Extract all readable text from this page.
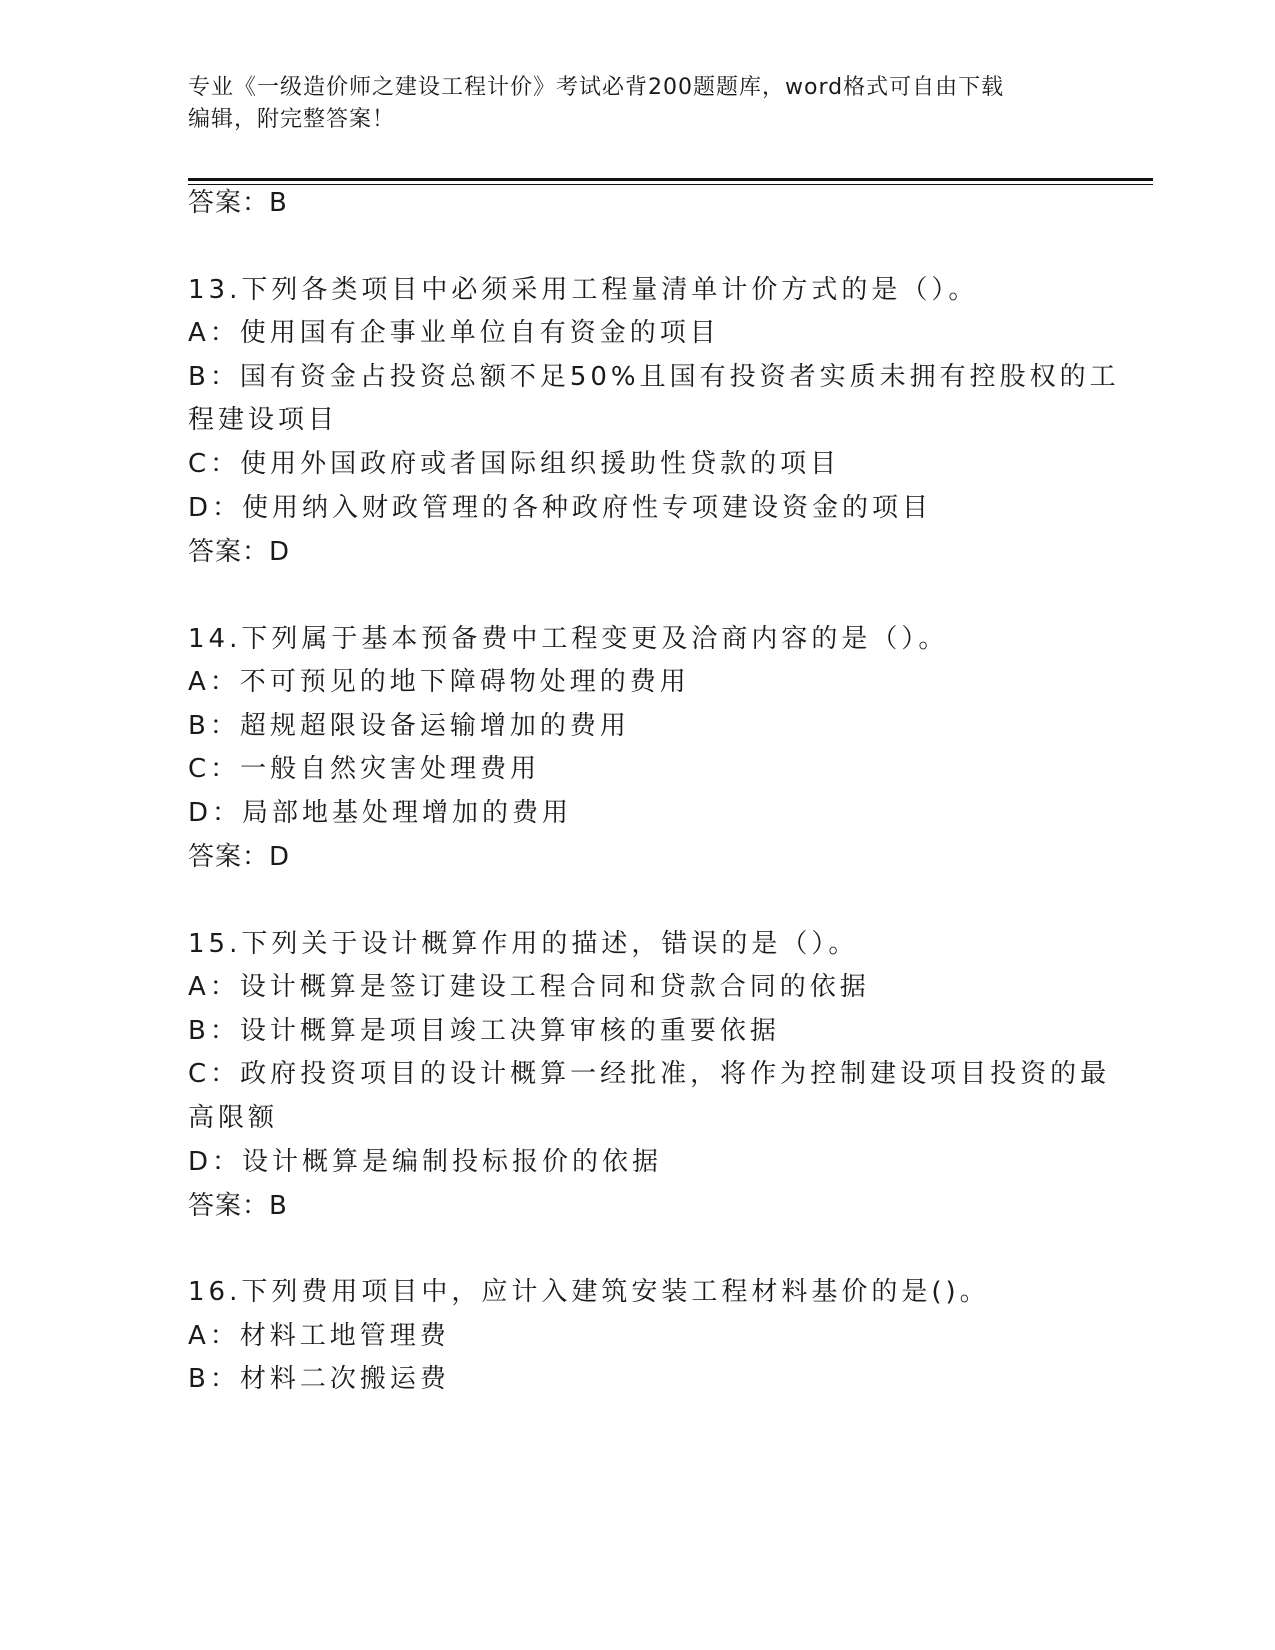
专业《一级造价师之建设工程计价》考试必背200题题库，word格式可自由下载
编辑，附完整答案！
答案：B
13.下列各类项目中必须采用工程量清单计价方式的是（）。
A：使用国有企事业单位自有资金的项目
B：国有资金占投资总额不足50%且国有投资者实质未拥有控股权的工
程建设项目
C：使用外国政府或者国际组织援助性贷款的项目
D：使用纳入财政管理的各种政府性专项建设资金的项目
答案：D
14.下列属于基本预备费中工程变更及洽商内容的是（）。
A：不可预见的地下障碍物处理的费用
B：超规超限设备运输增加的费用
C：一般自然灾害处理费用
D：局部地基处理增加的费用
答案：D
15.下列关于设计概算作用的描述，错误的是（）。
A：设计概算是签订建设工程合同和贷款合同的依据
B：设计概算是项目竣工决算审核的重要依据
C：政府投资项目的设计概算一经批准，将作为控制建设项目投资的最
高限额
D：设计概算是编制投标报价的依据
答案：B
16.下列费用项目中，应计入建筑安装工程材料基价的是()。
A：材料工地管理费
B：材料二次搬运费
